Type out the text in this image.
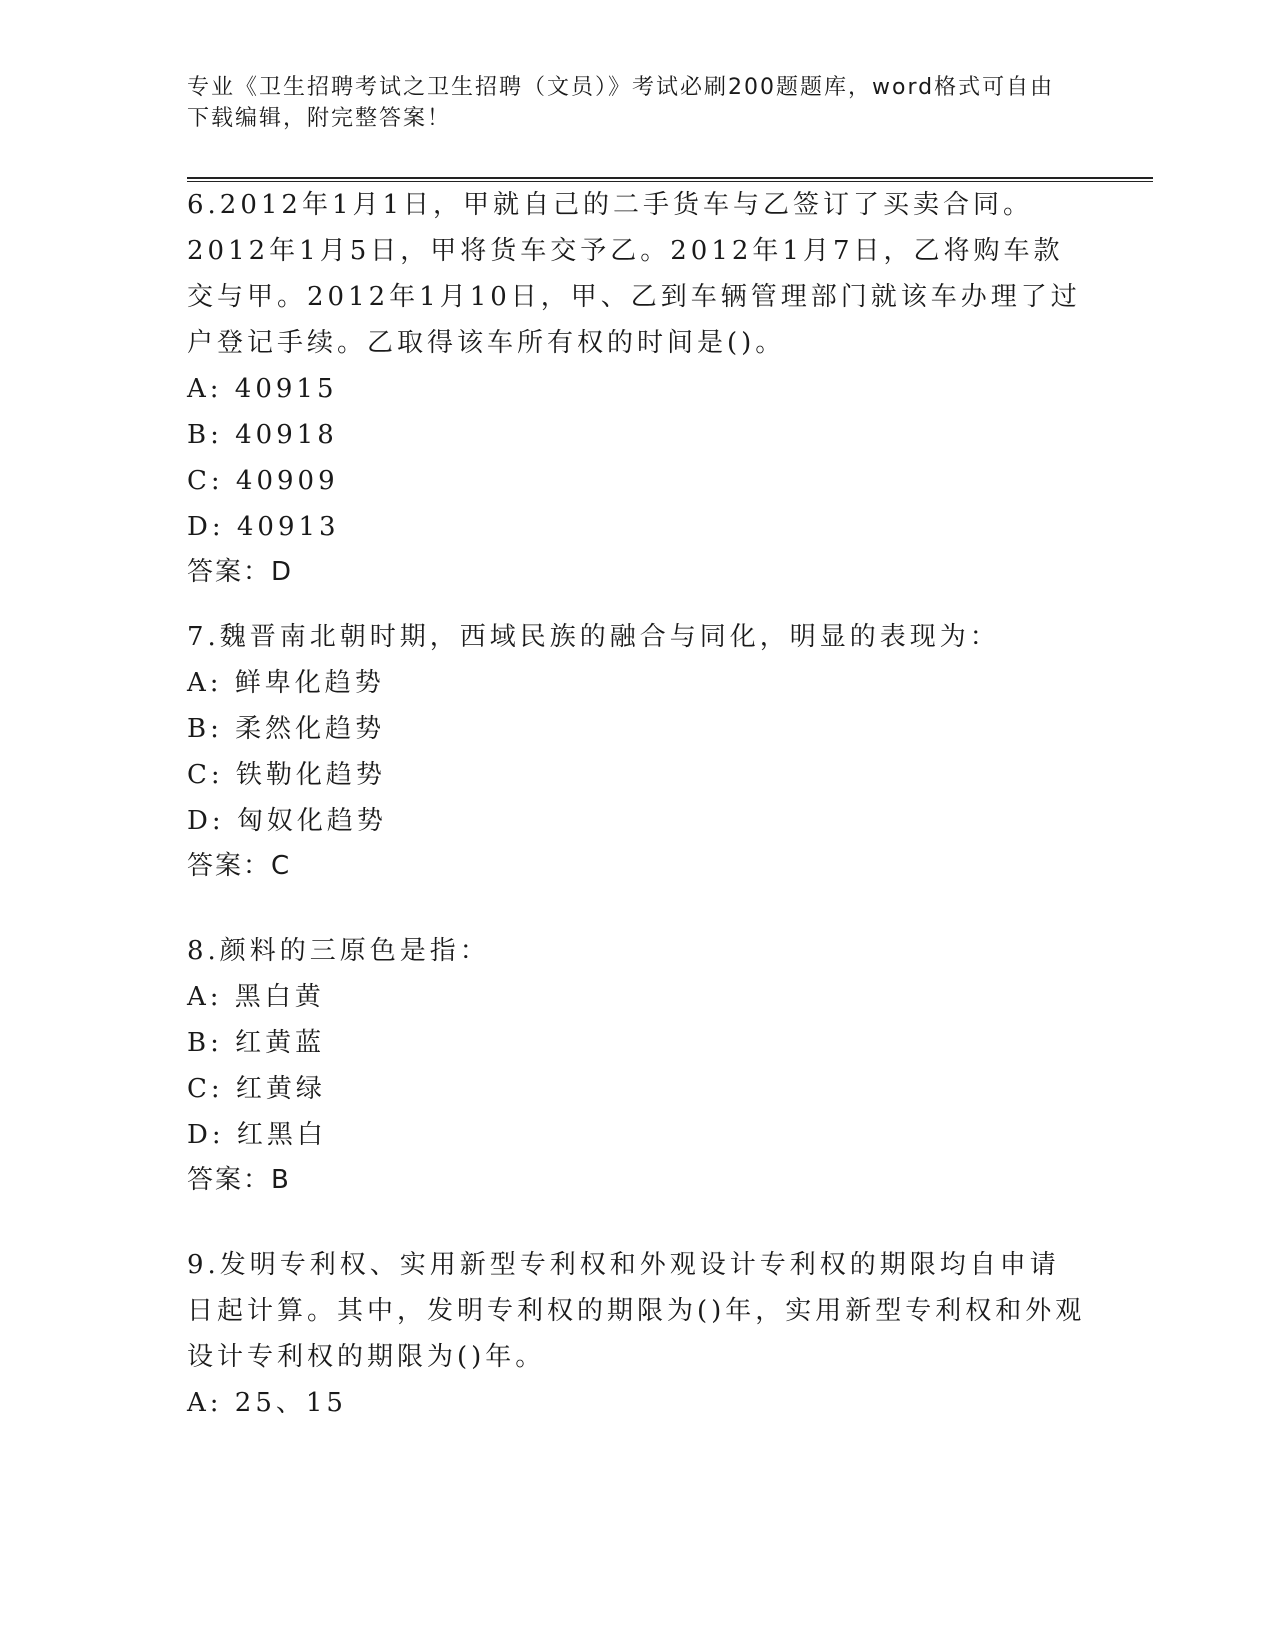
专业《卫生招聘考试之卫生招聘（文员）》考试必刷200题题库，word格式可自由下载编辑，附完整答案！

6.2012年1月1日，甲就自己的二手货车与乙签订了买卖合同。2012年1月5日，甲将货车交予乙。2012年1月7日，乙将购车款交与甲。2012年1月10日，甲、乙到车辆管理部门就该车办理了过户登记手续。乙取得该车所有权的时间是()。

A: 40915

B: 40918

C: 40909

D: 40913

答案：D

7.魏晋南北朝时期，西域民族的融合与同化，明显的表现为：

A: 鲜卑化趋势

B: 柔然化趋势

C: 铁勒化趋势

D: 匈奴化趋势

答案：C

8.颜料的三原色是指：

A: 黑白黄

B: 红黄蓝

C: 红黄绿

D: 红黑白

答案：B

9.发明专利权、实用新型专利权和外观设计专利权的期限均自申请日起计算。其中，发明专利权的期限为()年，实用新型专利权和外观设计专利权的期限为()年。

A: 25、15
